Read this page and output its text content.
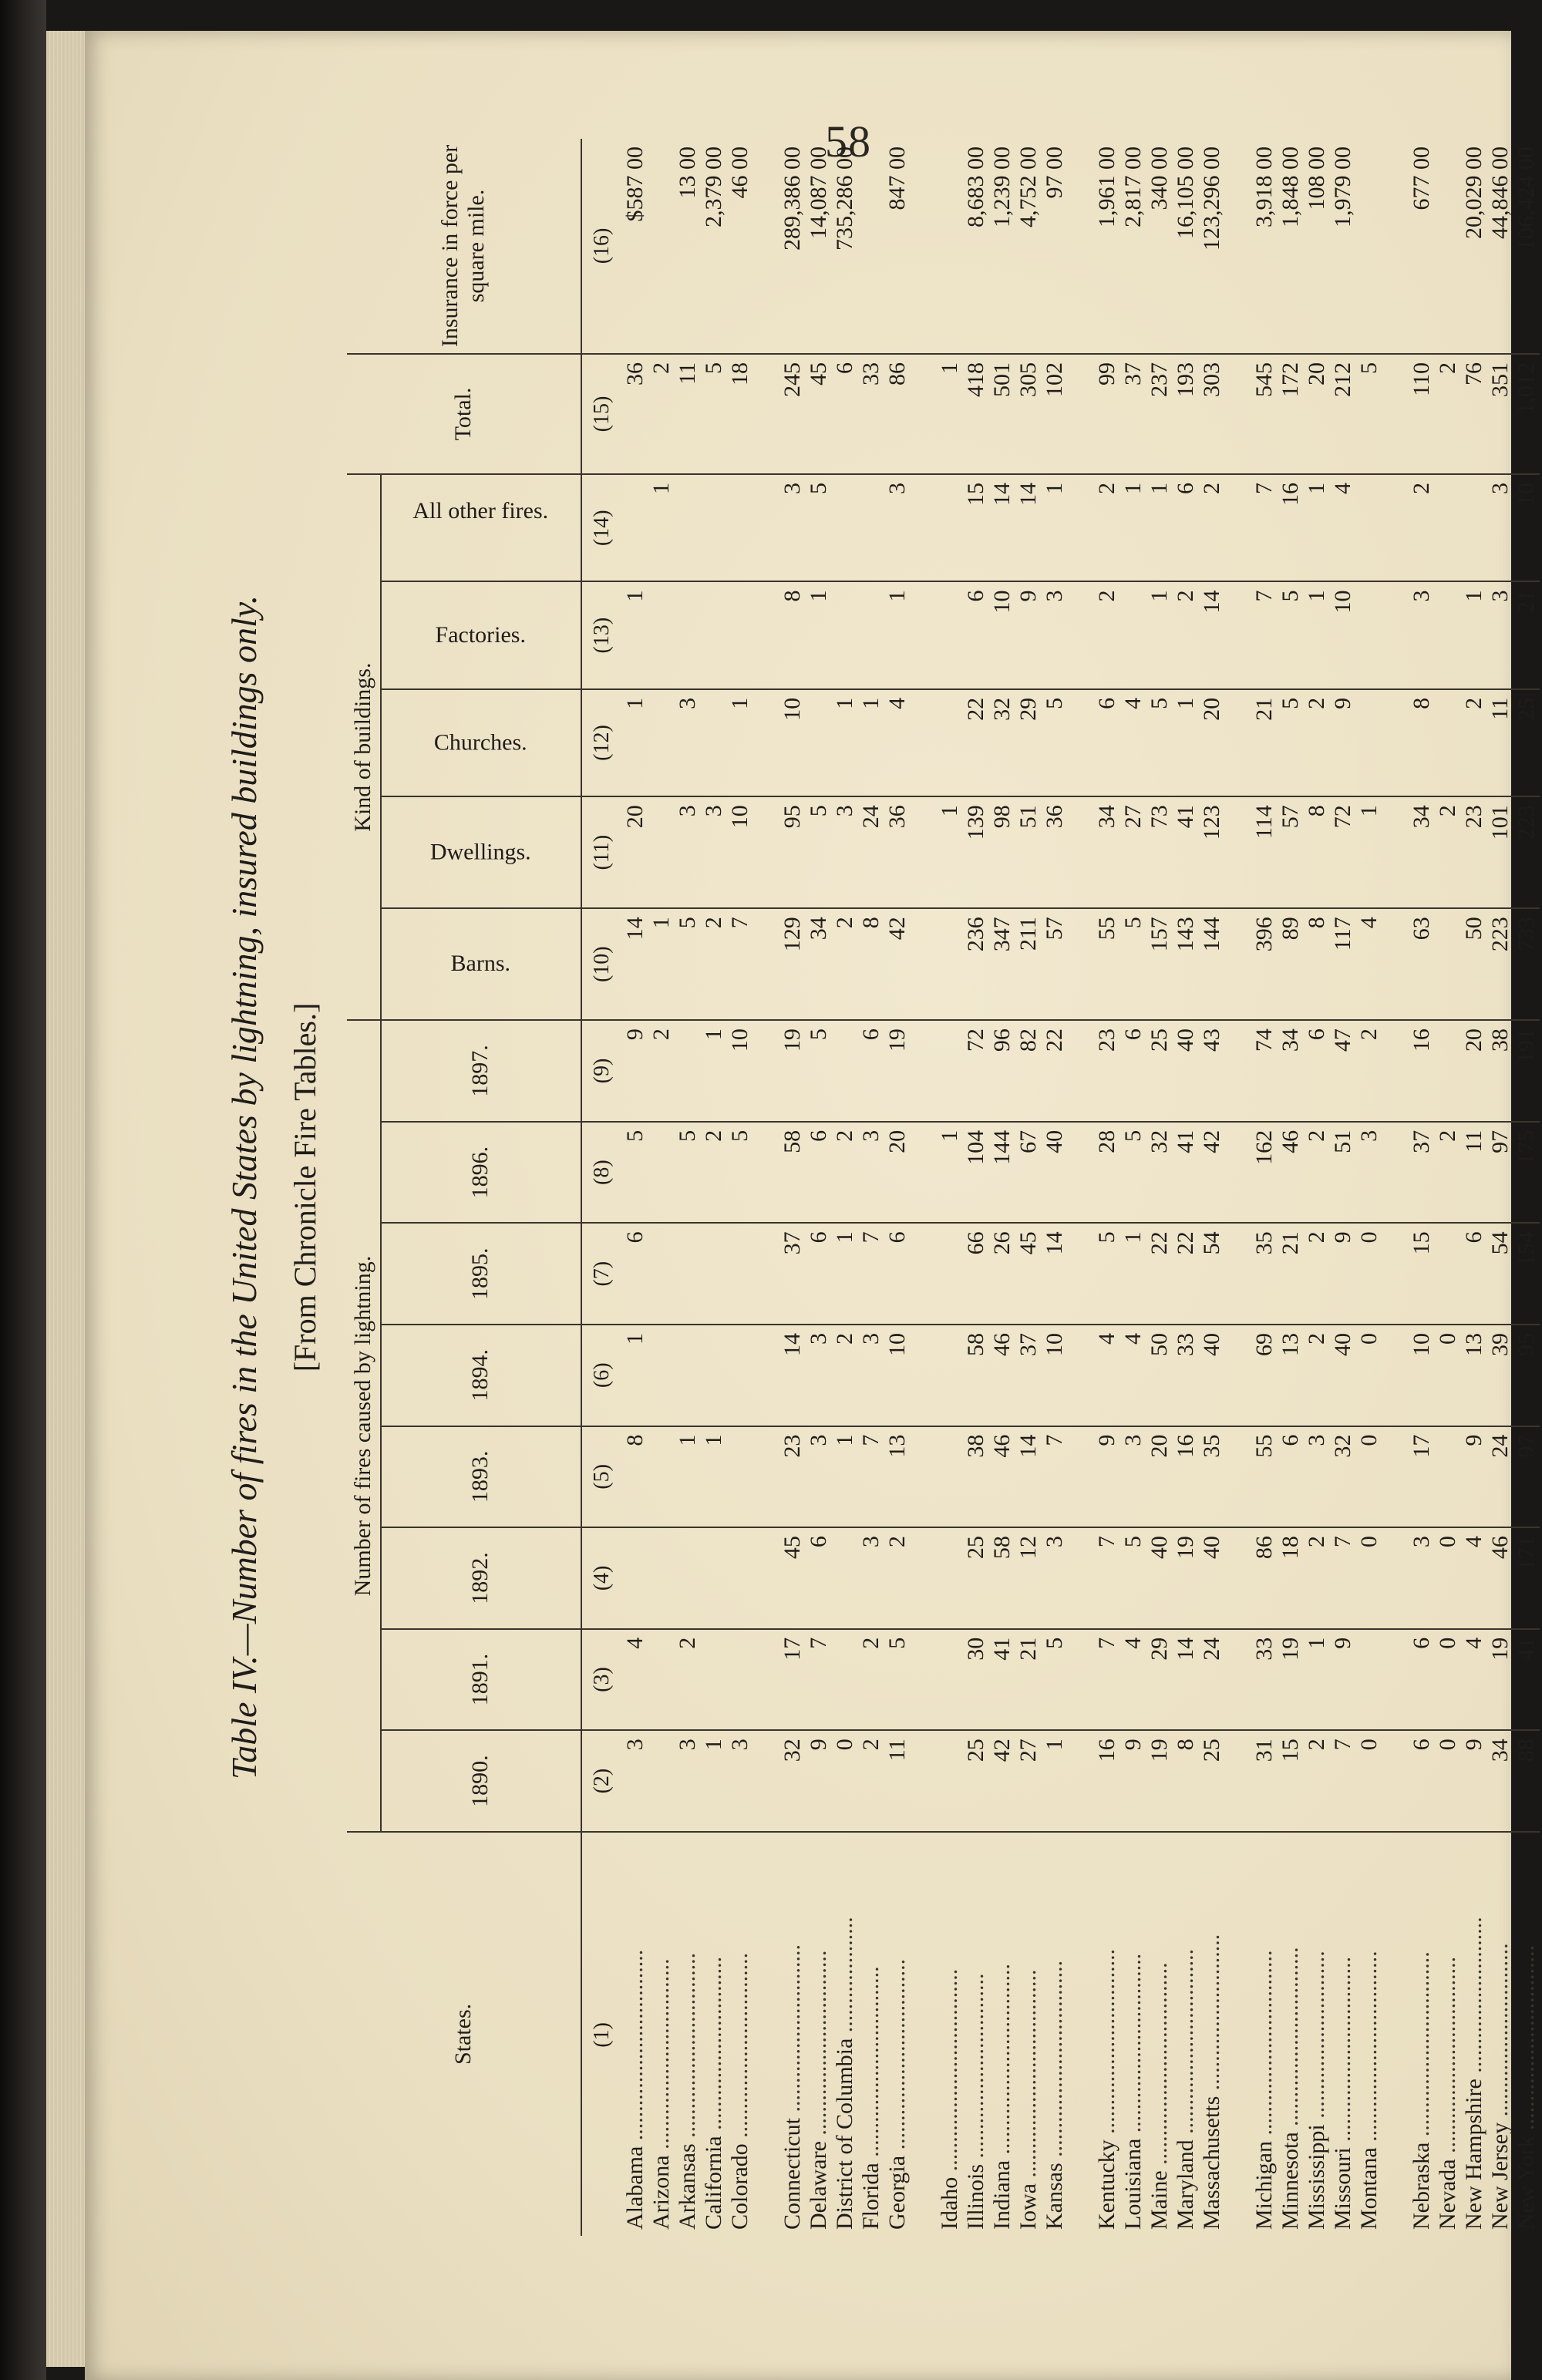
58
Table IV.—Number of fires in the United States by lightning, insured buildings only. [From Chronicle Fire Tables.]
States.	Number of fires caused by lightning.								Kind of buildings.					Total.	Insurance in force per square mile.
	1890.	1891.	1892.	1893.	1894.	1895.	1896.	1897.	Barns.	Dwellings.	Churches.	Factories.	All other fires.		
(1)	(2)	(3)	(4)	(5)	(6)	(7)	(8)	(9)	(10)	(11)	(12)	(13)	(14)	(15)	(16)
Alabama .................................	3	4		8	1	6	5	9	14	20	1	1		36	$587 00
Arizona .................................								2	1				1	2	
Arkansas ................................	3	2		1			5		5	3	3			11	13 00
California ..............................	1			1			2	1	2	3				5	2,379 00
Colorado ................................	3						5	10	7	10	1			18	46 00

Connecticut .............................	32	17	45	23	14	37	58	19	129	95	10	8	3	245	289,386 00
Delaware ................................	9	7	6	3	3	6	6	5	34	5		1	5	45	14,087 00
District of Columbia ....................	0			1	2	1	2		2	3	1			6	735,286 00
Florida .................................	2	2	3	7	3	7	3	6	8	24	1			33	
Georgia .................................	11	5	2	13	10	6	20	19	42	36	4	1	3	86	847 00

Idaho ...................................							1			1				1	
Illinois ................................	25	30	25	38	58	66	104	72	236	139	22	6	15	418	8,683 00
Indiana .................................	42	41	58	46	46	26	144	96	347	98	32	10	14	501	1,239 00
Iowa ....................................	27	21	12	14	37	45	67	82	211	51	29	9	14	305	4,752 00
Kansas ..................................	1	5	3	7	10	14	40	22	57	36	5	3	1	102	97 00

Kentucky ................................	16	7	7	9	4	5	28	23	55	34	6	2	2	99	1,961 00
Louisiana ...............................	9	4	5	3	4	1	5	6	5	27	4		1	37	2,817 00
Maine ...................................	19	29	40	20	50	22	32	25	157	73	5	1	1	237	340 00
Maryland ................................	8	14	19	16	33	22	41	40	143	41	1	2	6	193	16,105 00
Massachusetts ...........................	25	24	40	35	40	54	42	43	144	123	20	14	2	303	123,296 00

Michigan ................................	31	33	86	55	69	35	162	74	396	114	21	7	7	545	3,918 00
Minnesota ...............................	15	19	18	6	13	21	46	34	89	57	5	5	16	172	1,848 00
Mississippi .............................	2	1	2	3	2	2	2	6	8	8	2	1	1	20	108 00
Missouri ................................	7	9	7	32	40	9	51	47	117	72	9	10	4	212	1,979 00
Montana .................................	0		0	0	0	0	3	2	4	1				5	

Nebraska ................................	6	6	3	17	10	15	37	16	63	34	8	3	2	110	677 00
Nevada ..................................	0	0	0		0		2			2				2	
New Hampshire ...........................	9	4	4	9	13	6	11	20	50	23	2	1		76	20,029 00
New Jersey ..............................	34	19	46	24	39	54	97	38	223	101	11	3	3	351	44,846 00
New York ................................	88	41	171	97	95	154	175	191	733	223	25	21	10	1,012	106,424 00
